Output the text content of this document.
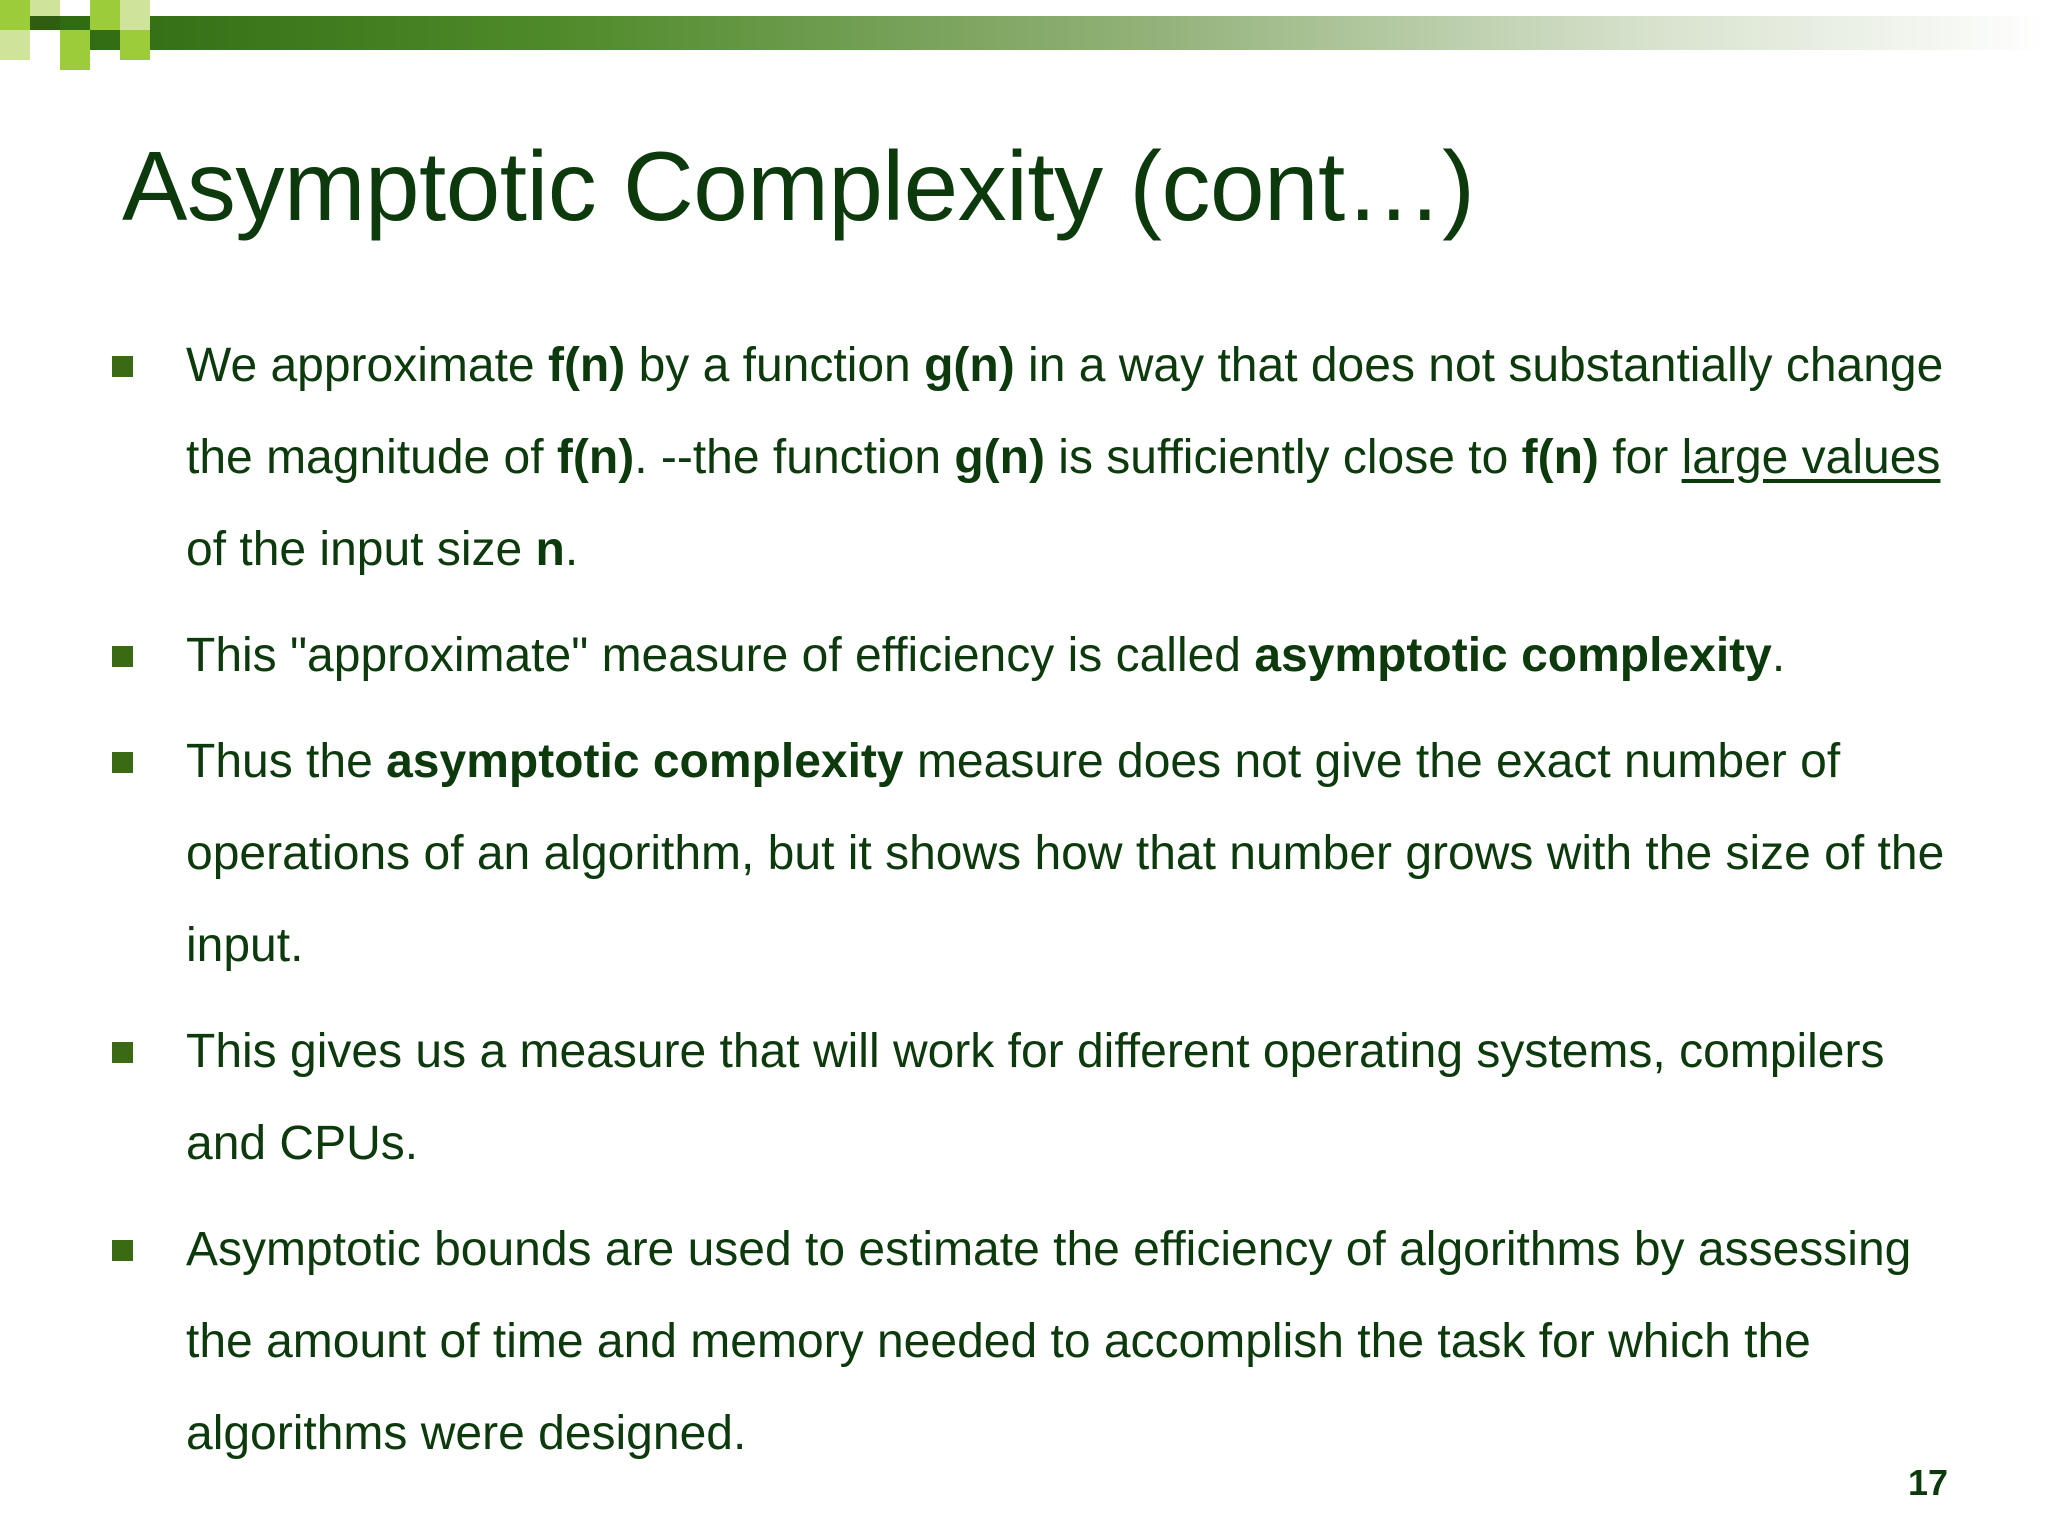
Asymptotic Complexity (cont…)
We approximate f(n) by a function g(n) in a way that does not substantially change the magnitude of f(n). --the function g(n) is sufficiently close to f(n) for large values of the input size n.
This "approximate" measure of efficiency is called asymptotic complexity.
Thus the asymptotic complexity measure does not give the exact number of operations of an algorithm, but it shows how that number grows with the size of the input.
This gives us a measure that will work for different operating systems, compilers and CPUs.
Asymptotic bounds are used to estimate the efficiency of algorithms by assessing the amount of time and memory needed to accomplish the task for which the algorithms were designed.
17
